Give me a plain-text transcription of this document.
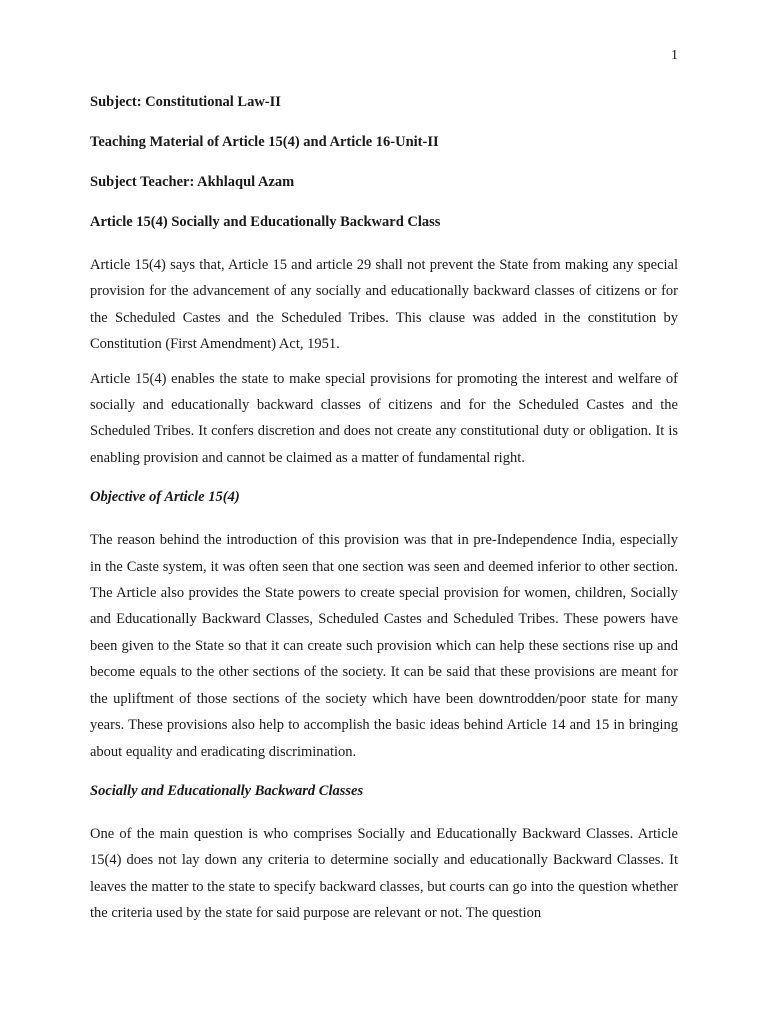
1

Subject: Constitutional Law-II

Teaching Material of Article 15(4) and Article 16-Unit-II

Subject Teacher: Akhlaqul Azam

Article 15(4) Socially and Educationally Backward Class

Article 15(4) says that, Article 15 and article 29 shall not prevent the State from making any special provision for the advancement of any socially and educationally backward classes of citizens or for the Scheduled Castes and the Scheduled Tribes. This clause was added in the constitution by Constitution (First Amendment) Act, 1951.

Article 15(4) enables the state to make special provisions for promoting the interest and welfare of socially and educationally backward classes of citizens and for the Scheduled Castes and the Scheduled Tribes. It confers discretion and does not create any constitutional duty or obligation. It is enabling provision and cannot be claimed as a matter of fundamental right.

Objective of Article 15(4)

The reason behind the introduction of this provision was that in pre-Independence India, especially in the Caste system, it was often seen that one section was seen and deemed inferior to other section. The Article also provides the State powers to create special provision for women, children, Socially and Educationally Backward Classes, Scheduled Castes and Scheduled Tribes. These powers have been given to the State so that it can create such provision which can help these sections rise up and become equals to the other sections of the society. It can be said that these provisions are meant for the upliftment of those sections of the society which have been downtrodden/poor state for many years. These provisions also help to accomplish the basic ideas behind Article 14 and 15 in bringing about equality and eradicating discrimination.

Socially and Educationally Backward Classes

One of the main question is who comprises Socially and Educationally Backward Classes. Article 15(4) does not lay down any criteria to determine socially and educationally Backward Classes. It leaves the matter to the state to specify backward classes, but courts can go into the question whether the criteria used by the state for said purpose are relevant or not. The question
